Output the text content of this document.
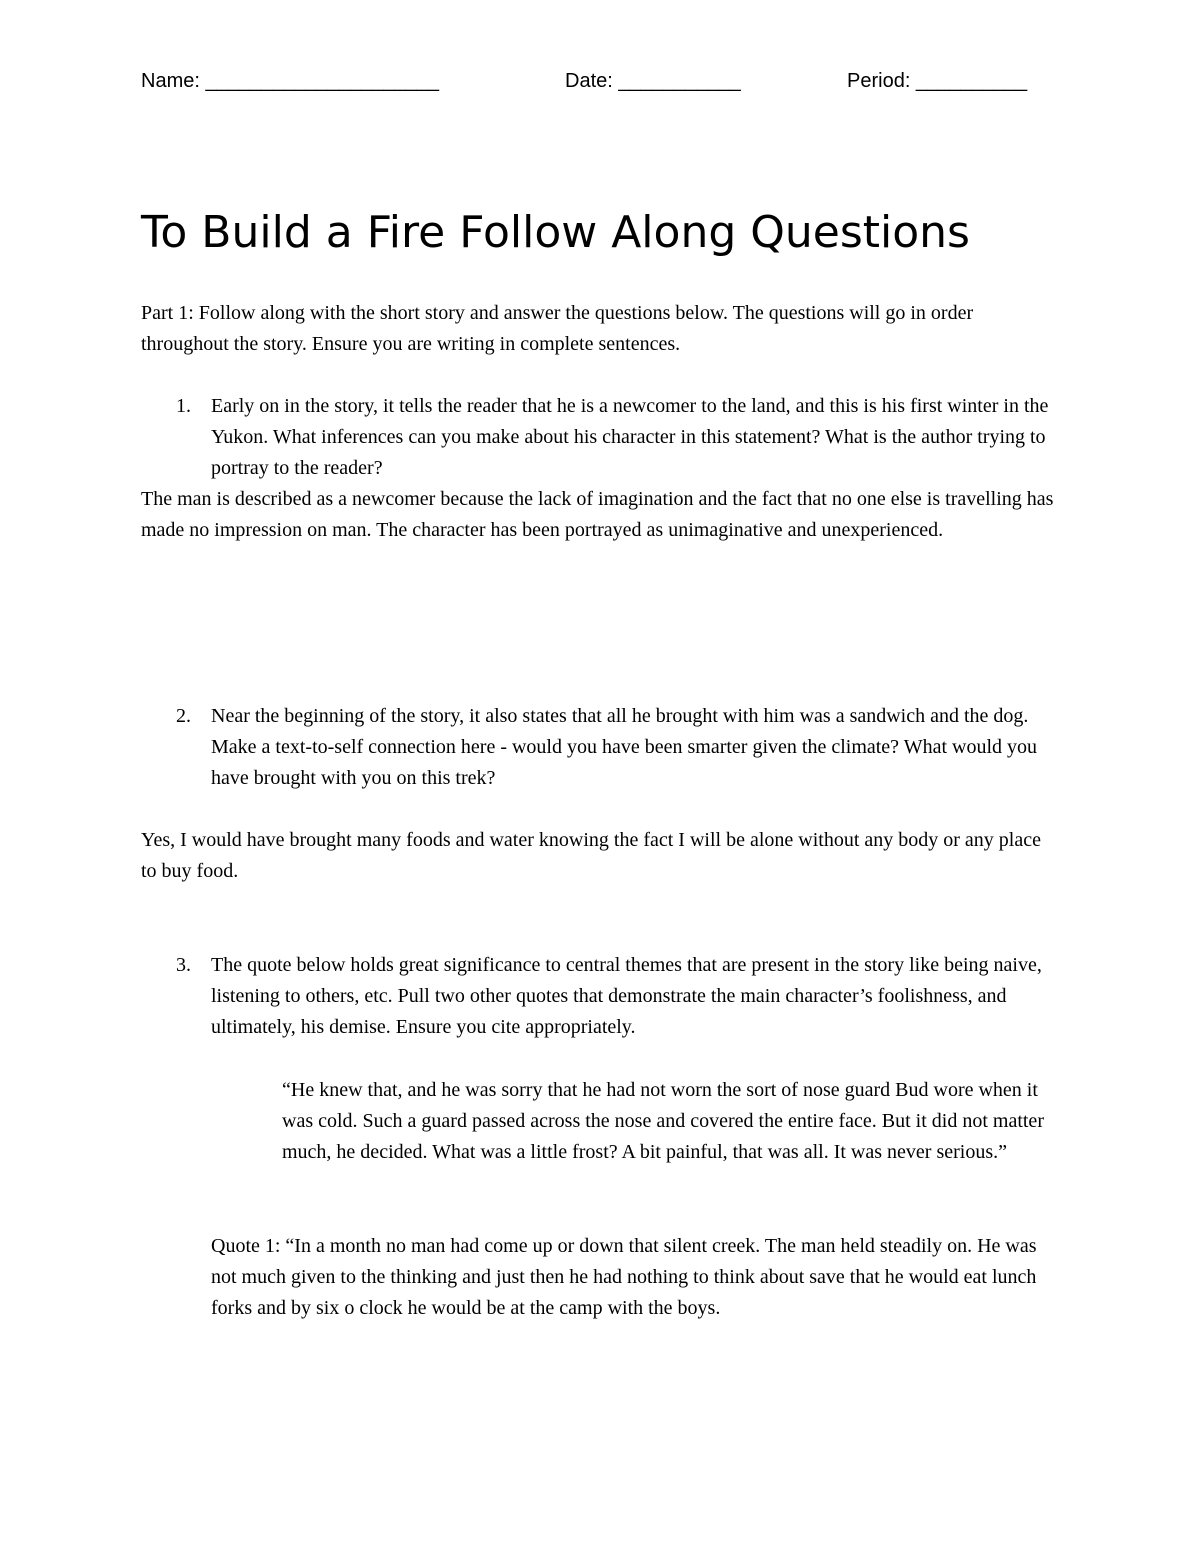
Name: _____________________	Date: ___________	Period: __________
To Build a Fire Follow Along Questions

Part 1: Follow along with the short story and answer the questions below. The questions will go in order throughout the story. Ensure you are writing in complete sentences.

1. Early on in the story, it tells the reader that he is a newcomer to the land, and this is his first winter in the Yukon. What inferences can you make about his character in this statement? What is the author trying to portray to the reader?

The man is described as a newcomer because the lack of imagination and the fact that no one else is travelling has made no impression on man. The character has been portrayed as unimaginative and unexperienced.

2. Near the beginning of the story, it also states that all he brought with him was a sandwich and the dog. Make a text-to-self connection here - would you have been smarter given the climate? What would you have brought with you on this trek?

Yes, I would have brought many foods and water knowing the fact I will be alone without any body or any place to buy food.

3. The quote below holds great significance to central themes that are present in the story like being naive, listening to others, etc. Pull two other quotes that demonstrate the main character’s foolishness, and ultimately, his demise. Ensure you cite appropriately.

“He knew that, and he was sorry that he had not worn the sort of nose guard Bud wore when it was cold. Such a guard passed across the nose and covered the entire face. But it did not matter much, he decided. What was a little frost? A bit painful, that was all. It was never serious.”

Quote 1: “In a month no man had come up or down that silent creek. The man held steadily on. He was not much given to the thinking and just then he had nothing to think about save that he would eat lunch forks and by six o clock he would be at the camp with the boys.
